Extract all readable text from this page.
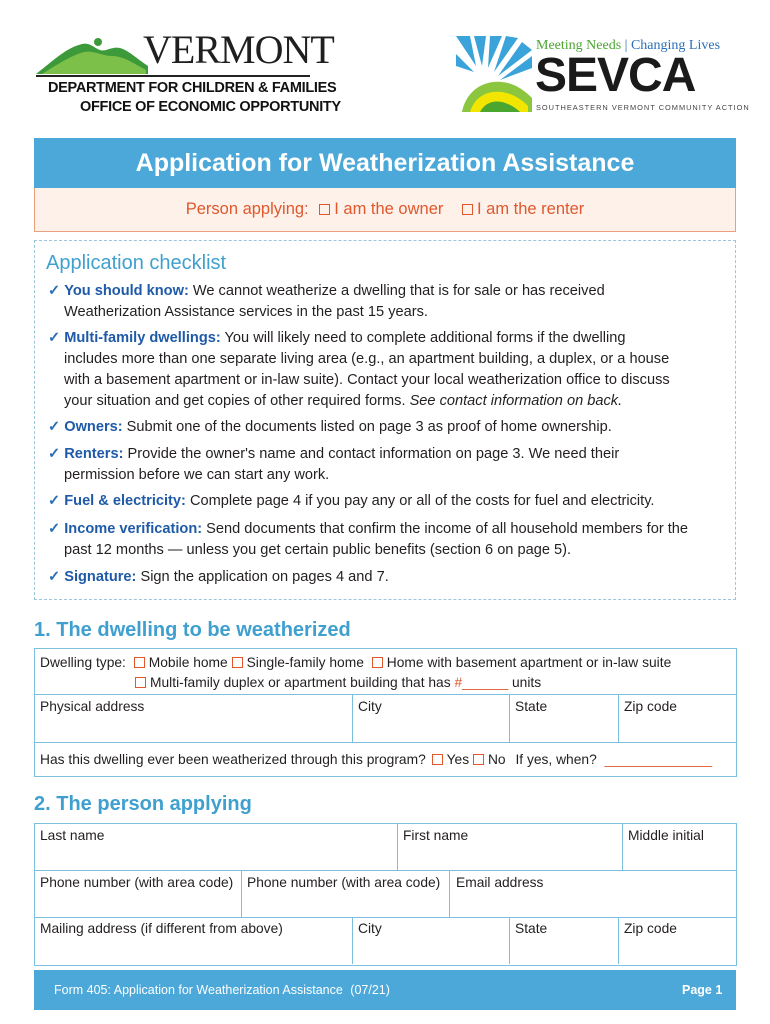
VERMONT
DEPARTMENT FOR CHILDREN & FAMILIES
OFFICE OF ECONOMIC OPPORTUNITY
Meeting Needs | Changing Lives
SEVCA
SOUTHEASTERN VERMONT COMMUNITY ACTION
Application for Weatherization Assistance
Person applying: I am the owner I am the renter
Application checklist
✓ You should know: We cannot weatherize a dwelling that is for sale or has received
Weatherization Assistance services in the past 15 years.
✓ Multi-family dwellings: You will likely need to complete additional forms if the dwelling
includes more than one separate living area (e.g., an apartment building, a duplex, or a house
with a basement apartment or in-law suite). Contact your local weatherization office to discuss
your situation and get copies of other required forms. See contact information on back.
✓ Owners: Submit one of the documents listed on page 3 as proof of home ownership.
✓ Renters: Provide the owner's name and contact information on page 3. We need their
permission before we can start any work.
✓ Fuel & electricity: Complete page 4 if you pay any or all of the costs for fuel and electricity.
✓ Income verification: Send documents that confirm the income of all household members for the
past 12 months — unless you get certain public benefits (section 6 on page 5).
✓ Signature: Sign the application on pages 4 and 7.
1. The dwelling to be weatherized
Dwelling type: Mobile home Single-family home Home with basement apartment or in-law suite
Multi-family duplex or apartment building that has #______ units
Physical address	City	State	Zip code
Has this dwelling ever been weatherized through this program? Yes No If yes, when? ______________
2. The person applying
Last name	First name	Middle initial
Phone number (with area code) Phone number (with area code) Email address
Mailing address (if different from above)	City	State	Zip code
Form 405: Application for Weatherization Assistance (07/21)	Page 1
